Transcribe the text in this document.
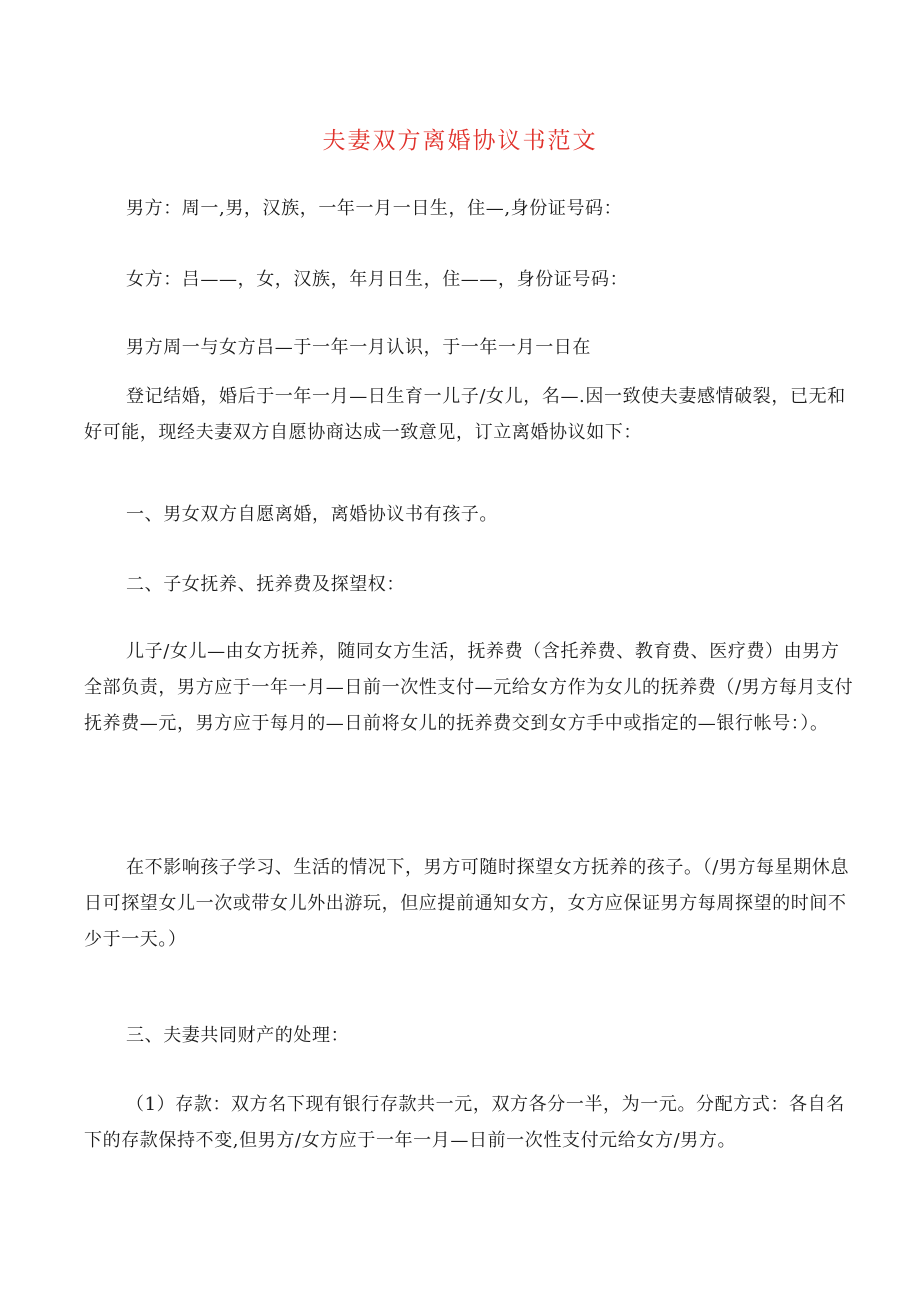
夫妻双方离婚协议书范文

男方：周一,男，汉族，一年一月一日生，住—,身份证号码：

女方：吕——，女，汉族，年月日生，住——，身份证号码：

男方周一与女方吕—于一年一月认识，于一年一月一日在

登记结婚，婚后于一年一月—日生育一儿子/女儿，名—.因一致使夫妻感情破裂，已无和好可能，现经夫妻双方自愿协商达成一致意见，订立离婚协议如下：

一、男女双方自愿离婚，离婚协议书有孩子。

二、子女抚养、抚养费及探望权：

儿子/女儿—由女方抚养，随同女方生活，抚养费（含托养费、教育费、医疗费）由男方全部负责，男方应于一年一月—日前一次性支付—元给女方作为女儿的抚养费（/男方每月支付抚养费—元，男方应于每月的—日前将女儿的抚养费交到女方手中或指定的—银行帐号：）。

在不影响孩子学习、生活的情况下，男方可随时探望女方抚养的孩子。（/男方每星期休息日可探望女儿一次或带女儿外出游玩，但应提前通知女方，女方应保证男方每周探望的时间不少于一天。）

三、夫妻共同财产的处理：

（1）存款：双方名下现有银行存款共一元，双方各分一半，为一元。分配方式：各自名下的存款保持不变,但男方/女方应于一年一月—日前一次性支付元给女方/男方。
